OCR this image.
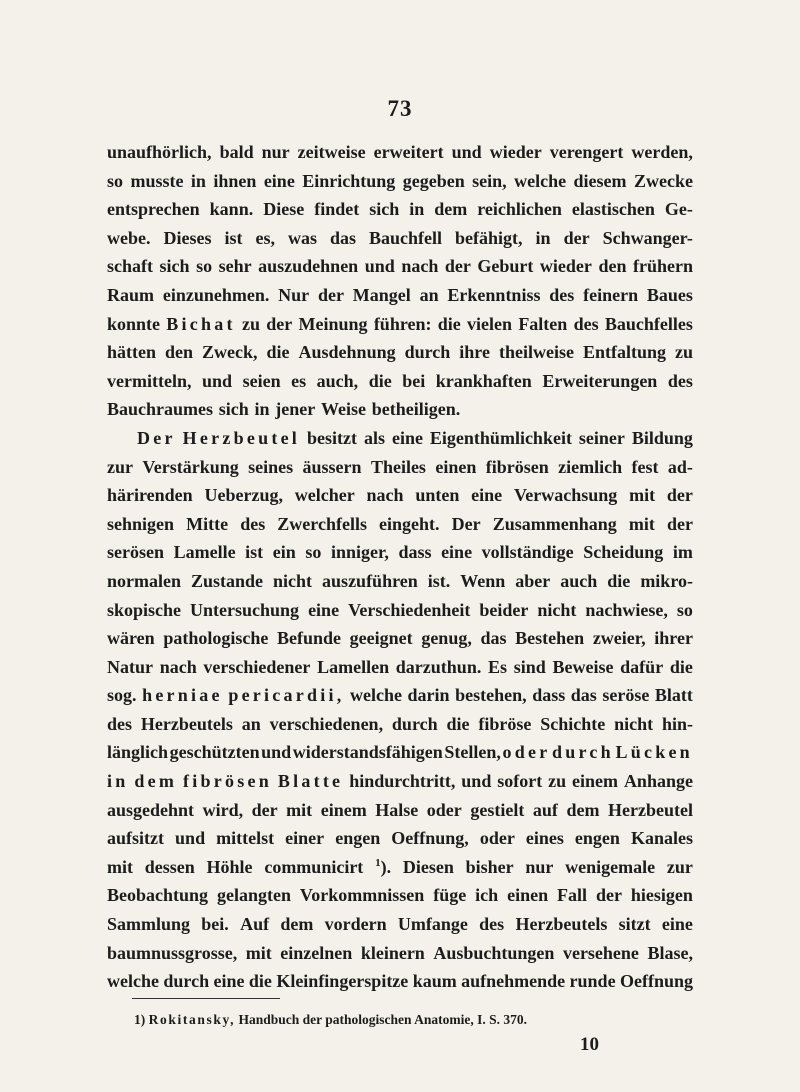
73
unaufhörlich, bald nur zeitweise erweitert und wieder verengert werden,
so musste in ihnen eine Einrichtung gegeben sein, welche diesem Zwecke
entsprechen kann. Diese findet sich in dem reichlichen elastischen Ge-
webe. Dieses ist es, was das Bauchfell befähigt, in der Schwanger-
schaft sich so sehr auszudehnen und nach der Geburt wieder den frühern
Raum einzunehmen. Nur der Mangel an Erkenntniss des feinern Baues
konnte Bichat zu der Meinung führen: die vielen Falten des Bauchfelles
hätten den Zweck, die Ausdehnung durch ihre theilweise Entfaltung zu
vermitteln, und seien es auch, die bei krankhaften Erweiterungen des
Bauchraumes sich in jener Weise betheiligen.
Der Herzbeutel besitzt als eine Eigenthümlichkeit seiner Bildung
zur Verstärkung seines äussern Theiles einen fibrösen ziemlich fest ad-
härirenden Ueberzug, welcher nach unten eine Verwachsung mit der
sehnigen Mitte des Zwerchfells eingeht. Der Zusammenhang mit der
serösen Lamelle ist ein so inniger, dass eine vollständige Scheidung im
normalen Zustande nicht auszuführen ist. Wenn aber auch die mikro-
skopische Untersuchung eine Verschiedenheit beider nicht nachwiese, so
wären pathologische Befunde geeignet genug, das Bestehen zweier, ihrer
Natur nach verschiedener Lamellen darzuthun. Es sind Beweise dafür die
sog. herniae pericardii, welche darin bestehen, dass das seröse Blatt
des Herzbeutels an verschiedenen, durch die fibröse Schichte nicht hin-
länglich geschützten und widerstandsfähigen Stellen, oder durch Lücken
in dem fibrösen Blatte hindurchtritt, und sofort zu einem Anhange
ausgedehnt wird, der mit einem Halse oder gestielt auf dem Herzbeutel
aufsitzt und mittelst einer engen Oeffnung, oder eines engen Kanales
mit dessen Höhle communicirt $^1$). Diesen bisher nur wenigemale zur
Beobachtung gelangten Vorkommnissen füge ich einen Fall der hiesigen
Sammlung bei. Auf dem vordern Umfange des Herzbeutels sitzt eine
baumnussgrosse, mit einzelnen kleinern Ausbuchtungen versehene Blase,
welche durch eine die Kleinfingerspitze kaum aufnehmende runde Oeffnung
1) Rokitansky, Handbuch der pathologischen Anatomie, I. S. 370.
10
